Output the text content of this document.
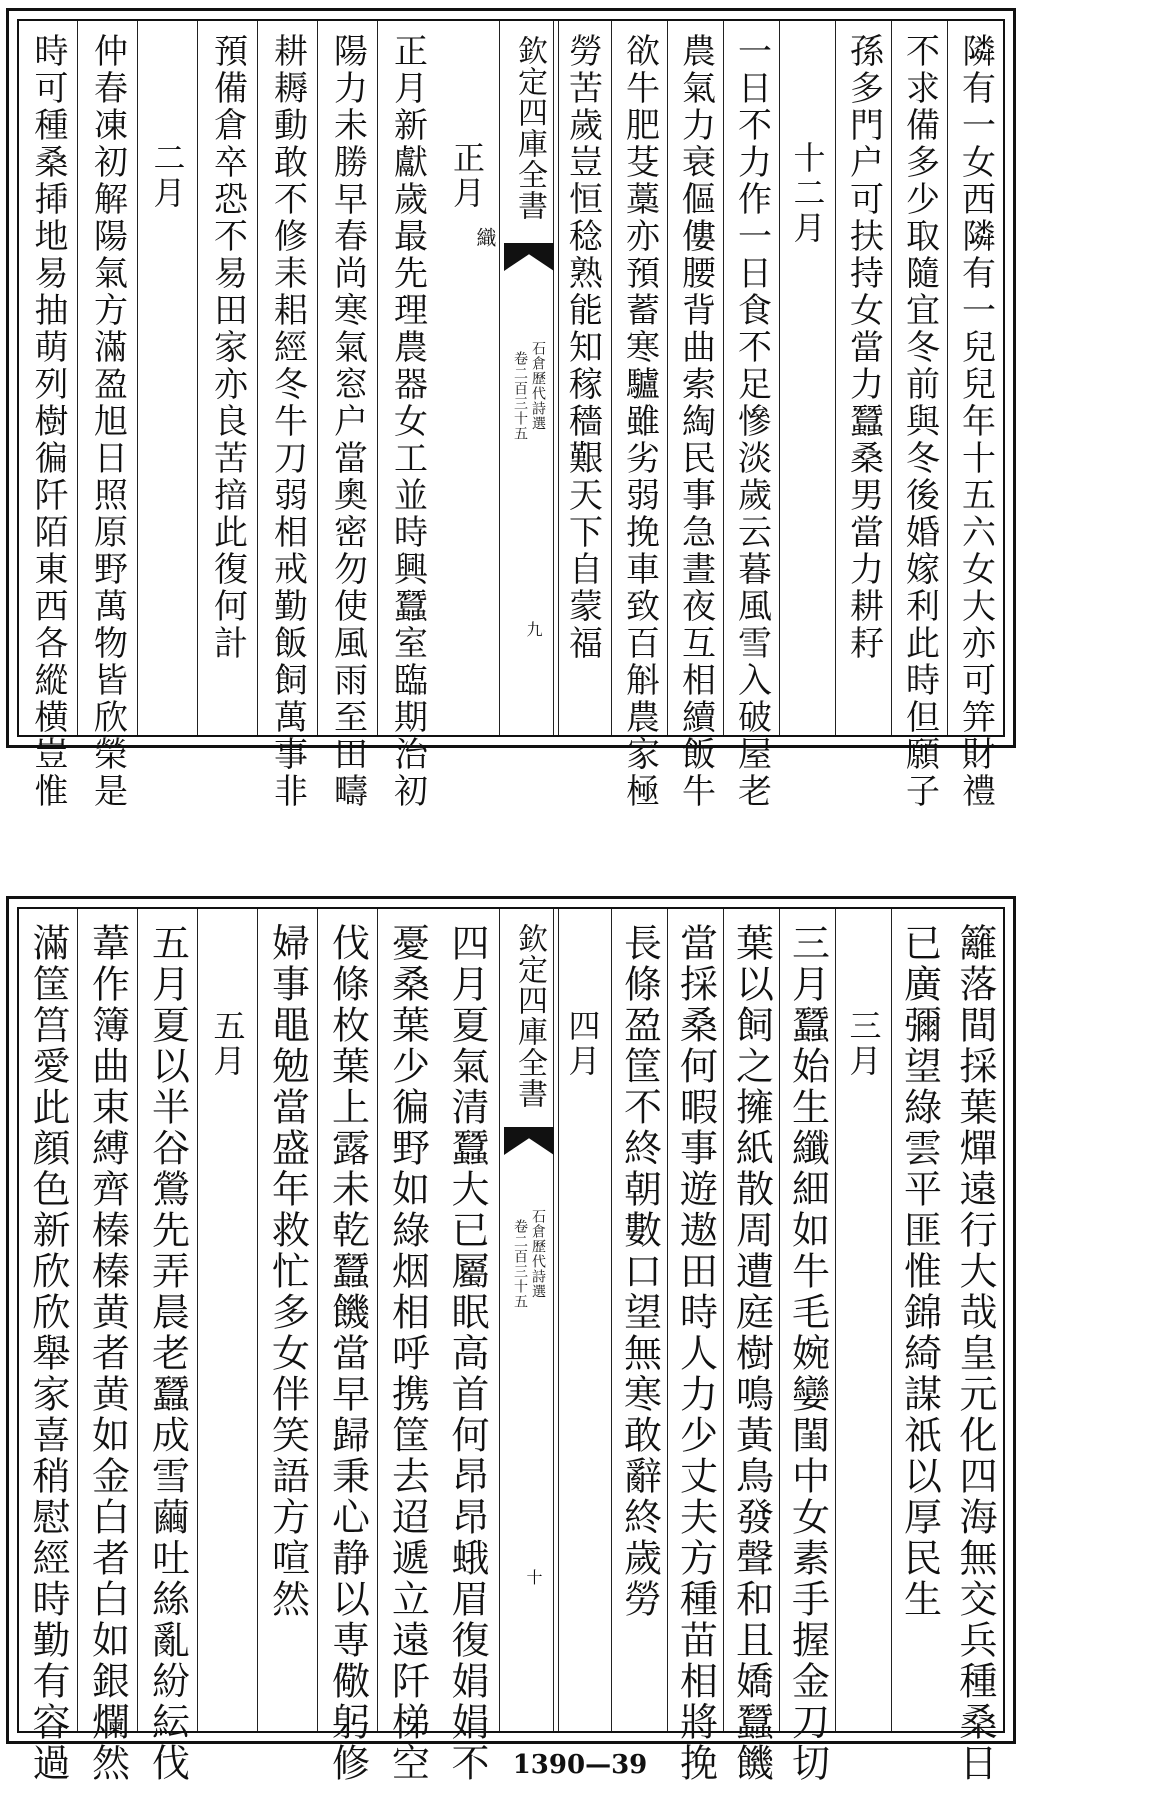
隣有一女西隣有一兒兒年十五六女大亦可笄財禮
不求備多少取隨宜冬前與冬後婚嫁利此時但願子
孫多門户可扶持女當力蠶桑男當力耕耔
十二月
一日不力作一日食不足慘淡歲云暮風雪入破屋老
農氣力衰傴僂腰背曲索綯民事急晝夜互相續飯牛
欲牛肥芟藁亦預蓄寒驢雖劣弱挽車致百斛農家極
勞苦歲豈恒稔熟能知稼穡艱天下自蒙福
欽定四庫全書
石倉歷代詩選
卷二百三十五
九
織
正月
正月新獻歲最先理農器女工並時興蠶室臨期治初
陽力未勝早春尚寒氣窓户當奧密勿使風雨至田疇
耕耨動敢不修耒耜經冬牛刀弱相戒勤飯飼萬事非
預備倉卒恐不易田家亦良苦揞此復何計
二月
仲春凍初解陽氣方滿盈旭日照原野萬物皆欣榮是
時可種桑揷地易抽萌列樹徧阡陌東西各縱横豈惟
籬落間採葉燀遠行大哉皇元化四海無交兵種桑日
已廣彌望綠雲平匪惟錦綺謀祇以厚民生
三月
三月蠶始生纖細如牛毛婉孌閨中女素手握金刀切
葉以飼之擁紙散周遭庭樹鳴黃鳥發聲和且嬌蠶饑
當採桑何暇事遊遨田時人力少丈夫方種苗相將挽
長條盈筐不終朝數口望無寒敢辭終歲勞
四月
欽定四庫全書
石倉歷代詩選
卷二百三十五
十
四月夏氣清蠶大已屬眠高首何昂昂蛾眉復娟娟不
憂桑葉少徧野如綠烟相呼携筐去迢遞立遠阡梯空
伐條枚葉上露未乾蠶饑當早歸秉心静以専儆躬修
婦事黽勉當盛年救忙多女伴笑語方喧然
五月
五月夏以半谷鶯先弄晨老蠶成雪繭吐絲亂紛紜伐
葦作簿曲束縛齊榛榛黄者黄如金白者白如銀爛然
滿筐筥愛此顔色新欣欣舉家喜稍慰經時勤有容過	1390—39
